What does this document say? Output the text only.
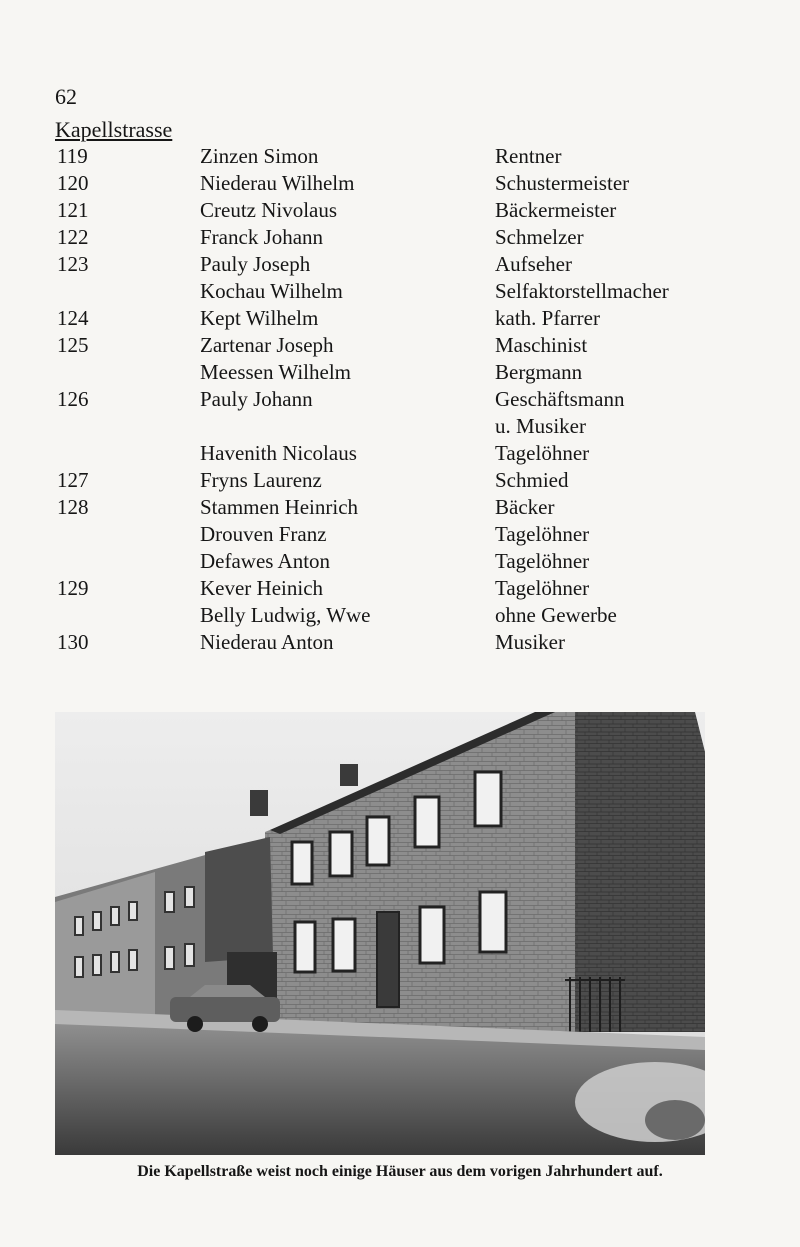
62
Kapellstrasse
119	Zinzen Simon	Rentner
120	Niederau Wilhelm	Schustermeister
121	Creutz Nivolaus	Bäckermeister
122	Franck Johann	Schmelzer
123	Pauly Joseph	Aufseher
Kochau Wilhelm	Selfaktorstellmacher
124	Kept Wilhelm	kath. Pfarrer
125	Zartenar Joseph	Maschinist
Meessen Wilhelm	Bergmann
126	Pauly Johann	Geschäftsmann
u. Musiker
Havenith Nicolaus	Tagelöhner
127	Fryns Laurenz	Schmied
128	Stammen Heinrich	Bäcker
Drouven Franz	Tagelöhner
Defawes Anton	Tagelöhner
129	Kever Heinich	Tagelöhner
Belly Ludwig, Wwe	ohne Gewerbe
130	Niederau Anton	Musiker
Die Kapellstraße weist noch einige Häuser aus dem vorigen Jahrhundert auf.
